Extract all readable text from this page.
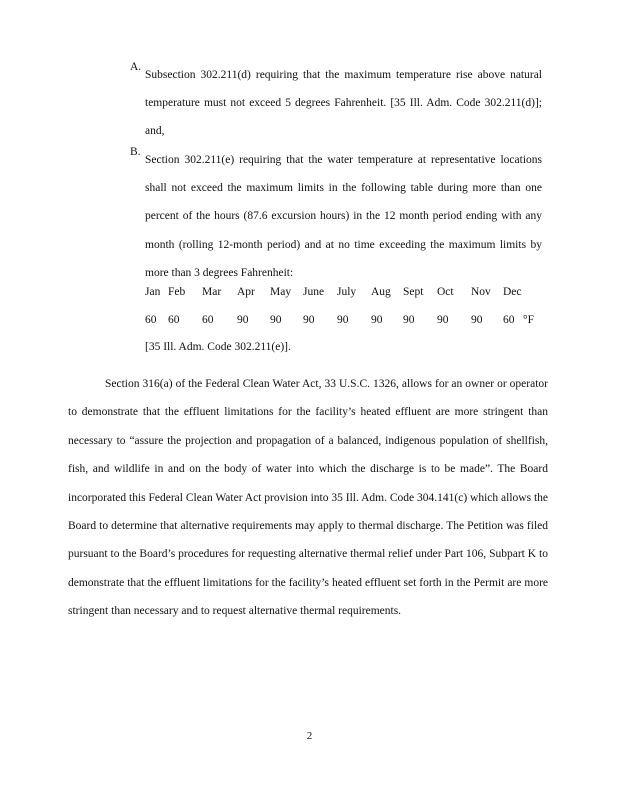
A.
Subsection 302.211(d) requiring that the maximum temperature rise above natural temperature must not exceed 5 degrees Fahrenheit. [35 Ill. Adm. Code 302.211(d)]; and,
B.
Section 302.211(e) requiring that the water temperature at representative locations shall not exceed the maximum limits in the following table during more than one percent of the hours (87.6 excursion hours) in the 12 month period ending with any month (rolling 12-month period) and at no time exceeding the maximum limits by more than 3 degrees Fahrenheit:
Jan Feb Mar Apr May June July Aug Sept Oct Nov Dec
60 60 60 90 90 90 90 90 90 90 90 60 °F
[35 Ill. Adm. Code 302.211(e)].
Section 316(a) of the Federal Clean Water Act, 33 U.S.C. 1326, allows for an owner or operator to demonstrate that the effluent limitations for the facility’s heated effluent are more stringent than necessary to “assure the projection and propagation of a balanced, indigenous population of shellfish, fish, and wildlife in and on the body of water into which the discharge is to be made”. The Board incorporated this Federal Clean Water Act provision into 35 Ill. Adm. Code 304.141(c) which allows the Board to determine that alternative requirements may apply to thermal discharge. The Petition was filed pursuant to the Board’s procedures for requesting alternative thermal relief under Part 106, Subpart K to demonstrate that the effluent limitations for the facility’s heated effluent set forth in the Permit are more stringent than necessary and to request alternative thermal requirements.
2
